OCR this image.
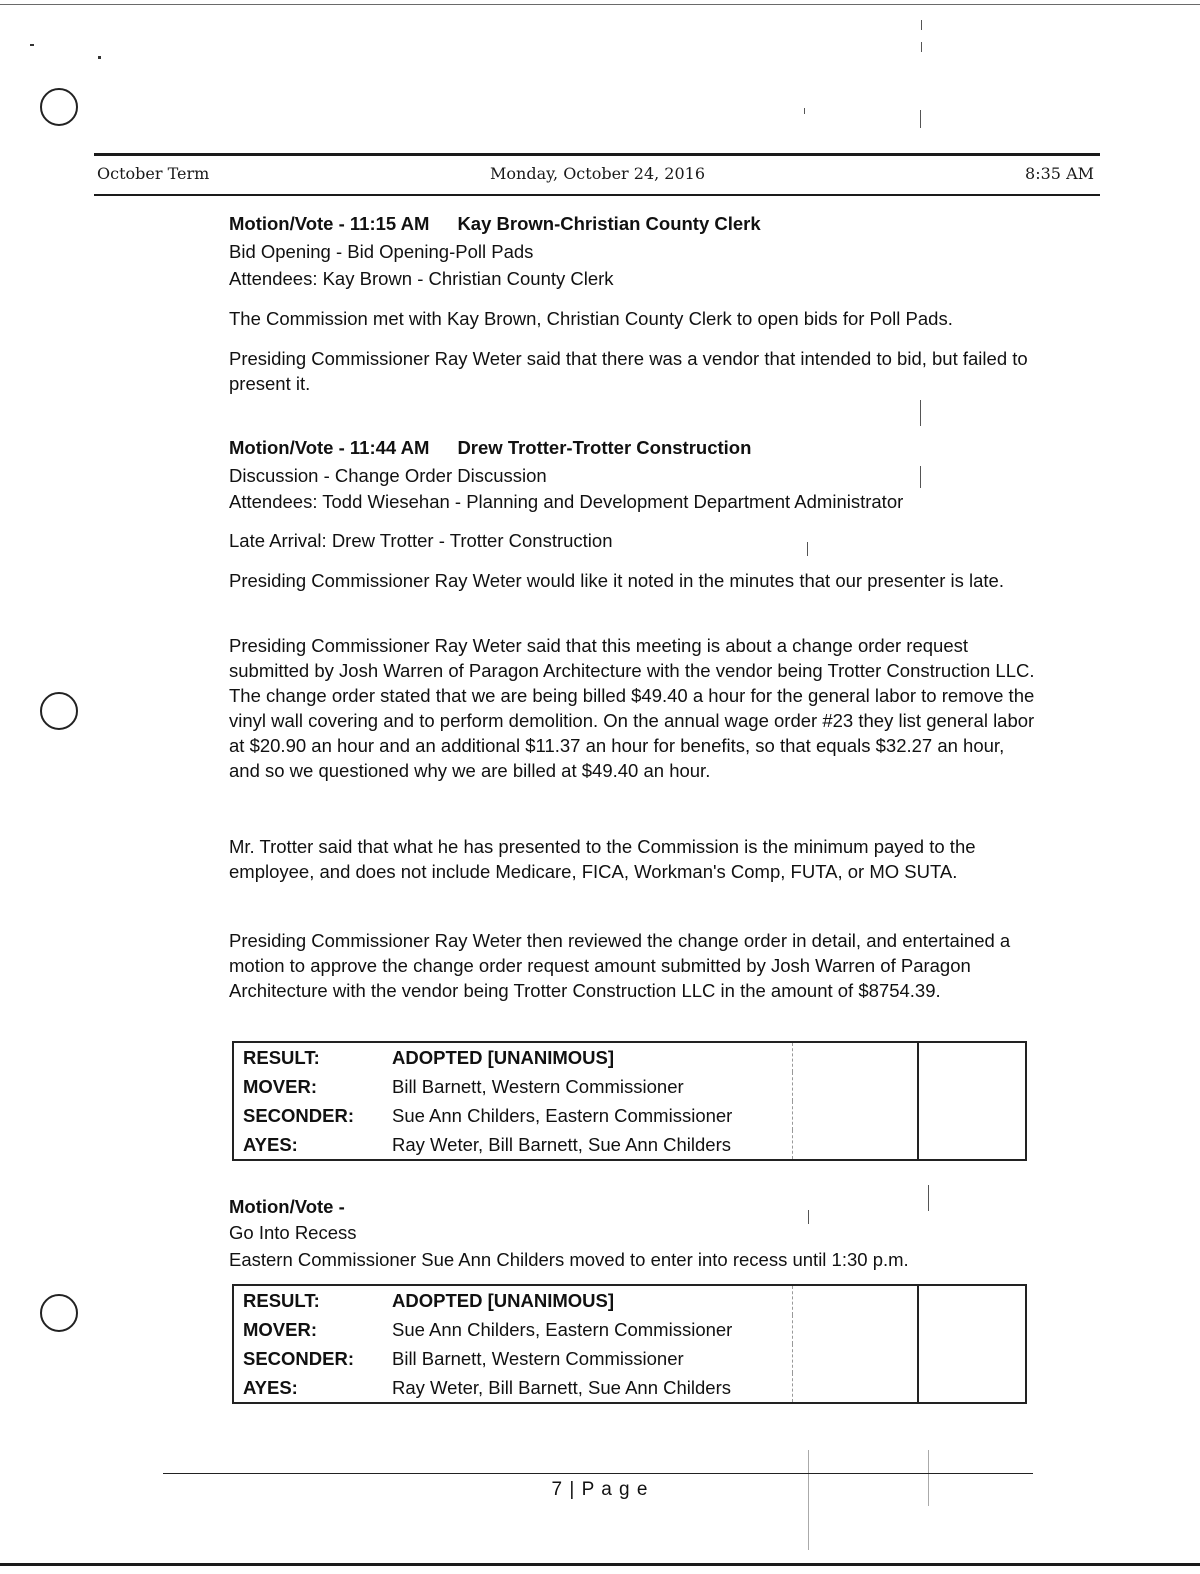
October Term	Monday, October 24, 2016	8:35 AM
Motion/Vote - 11:15 AM Kay Brown-Christian County Clerk
Bid Opening - Bid Opening-Poll Pads
Attendees: Kay Brown - Christian County Clerk
The Commission met with Kay Brown, Christian County Clerk to open bids for Poll Pads.
Presiding Commissioner Ray Weter said that there was a vendor that intended to bid, but failed to present it.
Motion/Vote - 11:44 AM Drew Trotter-Trotter Construction
Discussion - Change Order Discussion
Attendees: Todd Wiesehan - Planning and Development Department Administrator
Late Arrival: Drew Trotter - Trotter Construction
Presiding Commissioner Ray Weter would like it noted in the minutes that our presenter is late.
Presiding Commissioner Ray Weter said that this meeting is about a change order request submitted by Josh Warren of Paragon Architecture with the vendor being Trotter Construction LLC. The change order stated that we are being billed $49.40 a hour for the general labor to remove the vinyl wall covering and to perform demolition. On the annual wage order #23 they list general labor at $20.90 an hour and an additional $11.37 an hour for benefits, so that equals $32.27 an hour, and so we questioned why we are billed at $49.40 an hour.
Mr. Trotter said that what he has presented to the Commission is the minimum payed to the employee, and does not include Medicare, FICA, Workman's Comp, FUTA, or MO SUTA.
Presiding Commissioner Ray Weter then reviewed the change order in detail, and entertained a motion to approve the change order request amount submitted by Josh Warren of Paragon Architecture with the vendor being Trotter Construction LLC in the amount of $8754.39.
RESULT:	ADOPTED [UNANIMOUS]		
MOVER:	Bill Barnett, Western Commissioner		
SECONDER:	Sue Ann Childers, Eastern Commissioner		
AYES:	Ray Weter, Bill Barnett, Sue Ann Childers		
Motion/Vote -
Go Into Recess
Eastern Commissioner Sue Ann Childers moved to enter into recess until 1:30 p.m.
RESULT:	ADOPTED [UNANIMOUS]		
MOVER:	Sue Ann Childers, Eastern Commissioner		
SECONDER:	Bill Barnett, Western Commissioner		
AYES:	Ray Weter, Bill Barnett, Sue Ann Childers		
7 | P a g e
